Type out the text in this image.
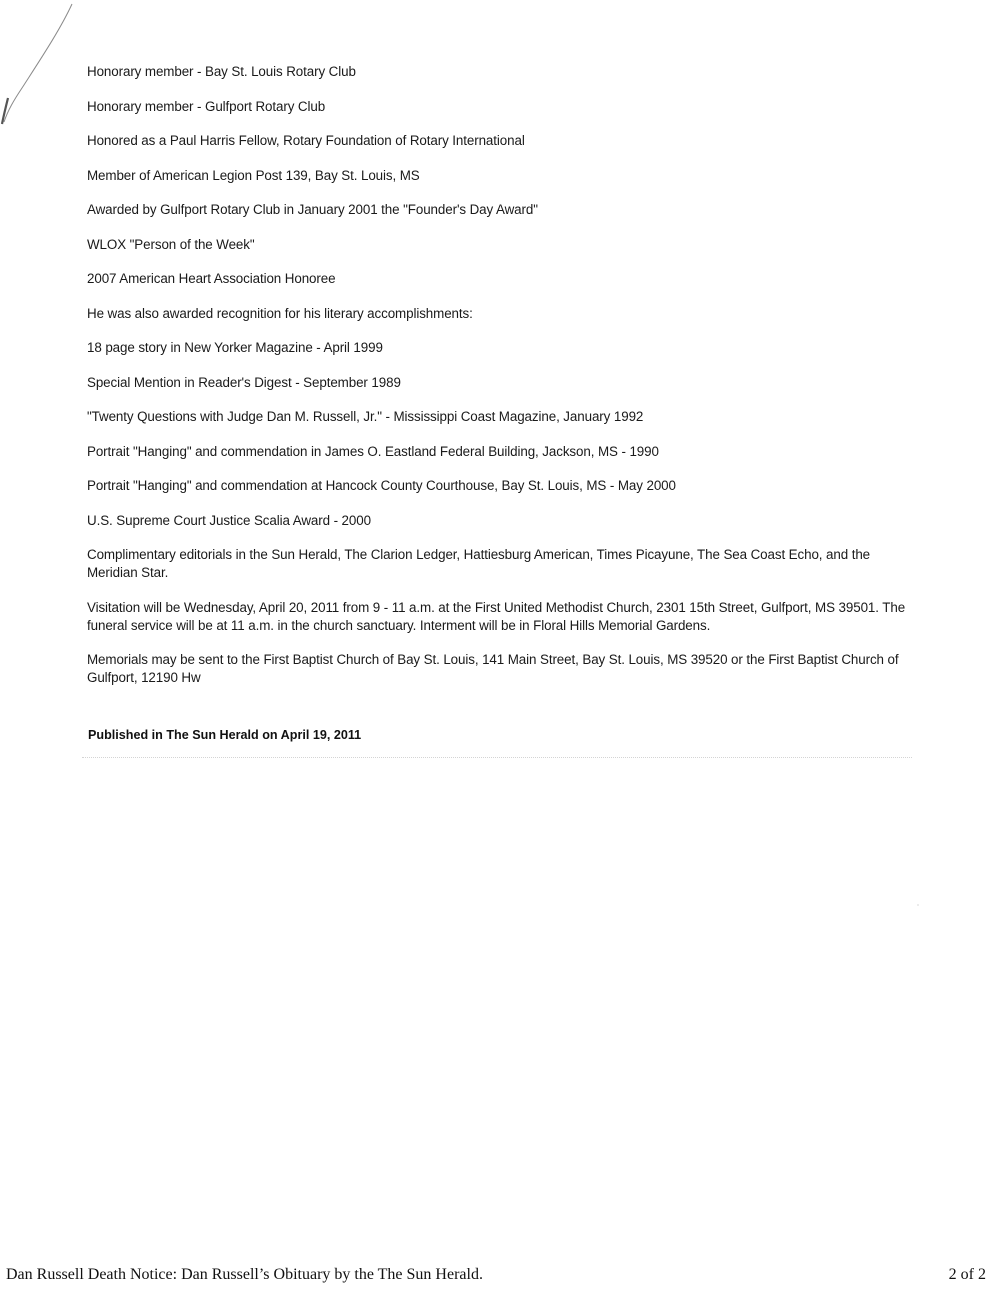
Honorary member - Bay St. Louis Rotary Club

Honorary member - Gulfport Rotary Club

Honored as a Paul Harris Fellow, Rotary Foundation of Rotary International

Member of American Legion Post 139, Bay St. Louis, MS

Awarded by Gulfport Rotary Club in January 2001 the "Founder's Day Award"

WLOX "Person of the Week"

2007 American Heart Association Honoree

He was also awarded recognition for his literary accomplishments:

18 page story in New Yorker Magazine - April 1999

Special Mention in Reader's Digest - September 1989

"Twenty Questions with Judge Dan M. Russell, Jr." - Mississippi Coast Magazine, January 1992

Portrait "Hanging" and commendation in James O. Eastland Federal Building, Jackson, MS - 1990

Portrait "Hanging" and commendation at Hancock County Courthouse, Bay St. Louis, MS - May 2000

U.S. Supreme Court Justice Scalia Award - 2000

Complimentary editorials in the Sun Herald, The Clarion Ledger, Hattiesburg American, Times Picayune, The Sea Coast Echo, and the Meridian Star.

Visitation will be Wednesday, April 20, 2011 from 9 - 11 a.m. at the First United Methodist Church, 2301 15th Street, Gulfport, MS 39501. The funeral service will be at 11 a.m. in the church sanctuary. Interment will be in Floral Hills Memorial Gardens.

Memorials may be sent to the First Baptist Church of Bay St. Louis, 141 Main Street, Bay St. Louis, MS 39520 or the First Baptist Church of Gulfport, 12190 Hw

Published in The Sun Herald on April 19, 2011
Dan Russell Death Notice: Dan Russell’s Obituary by the The Sun Herald.	2 of 2
